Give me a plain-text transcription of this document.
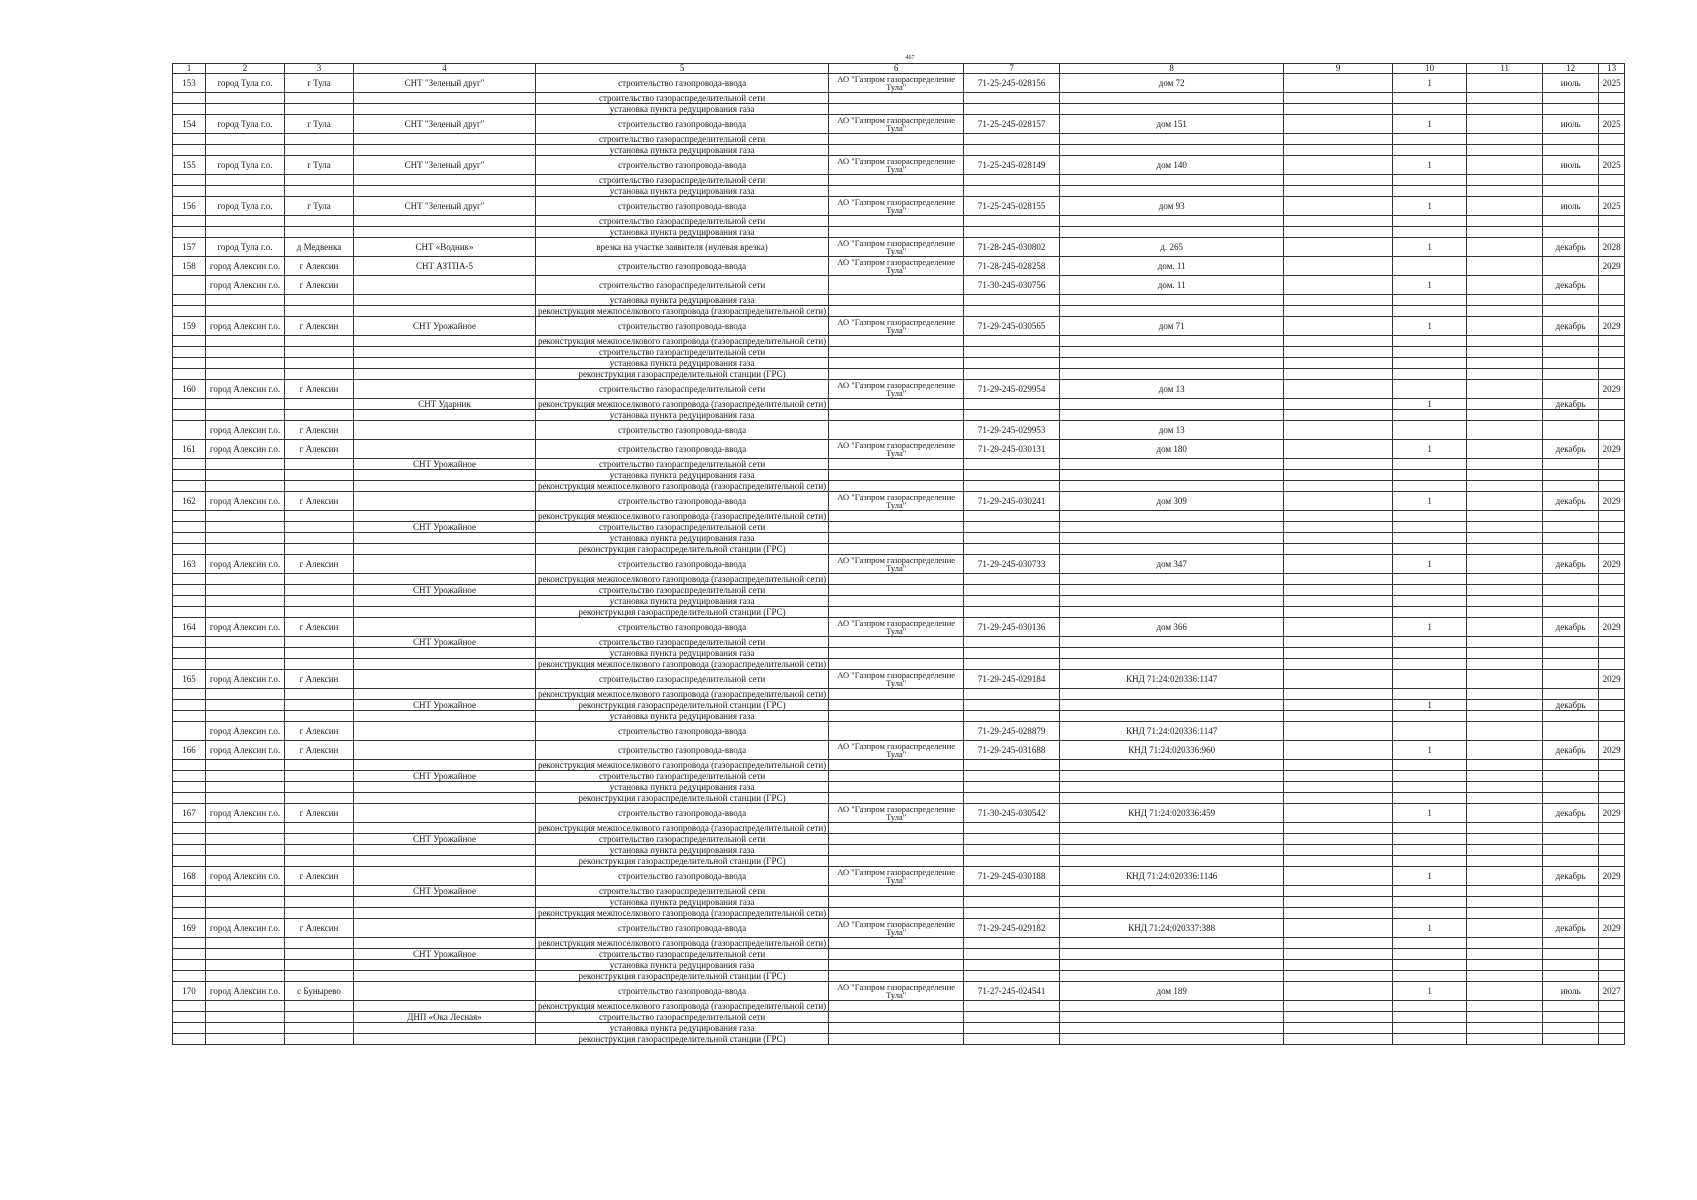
467
1	2	3	4	5	6	7	8	9	10	11	12	13
153	город Тула г.о.	г Тула	СНТ "Зеленый друг"	строительство газопровода-ввода	АО "Газпром газораспределение Тула"	71-25-245-028156	дом 72		1		июль	2025
				строительство газораспределительной сети								
				установка пункта редуцирования газа								
154	город Тула г.о.	г Тула	СНТ "Зеленый друг"	строительство газопровода-ввода	АО "Газпром газораспределение Тула"	71-25-245-028157	дом 151		1		июль	2025
				строительство газораспределительной сети								
				установка пункта редуцирования газа								
155	город Тула г.о.	г Тула	СНТ "Зеленый друг"	строительство газопровода-ввода	АО "Газпром газораспределение Тула"	71-25-245-028149	дом 140		1		июль	2025
				строительство газораспределительной сети								
				установка пункта редуцирования газа								
156	город Тула г.о.	г Тула	СНТ "Зеленый друг"	строительство газопровода-ввода	АО "Газпром газораспределение Тула"	71-25-245-028155	дом 93		1		июль	2025
				строительство газораспределительной сети								
				установка пункта редуцирования газа								
157	город Тула г.о.	д Медвенка	СНТ «Водник»	врезка на участке заявителя (нулевая врезка)	АО "Газпром газораспределение Тула"	71-28-245-030802	д. 265		1		декабрь	2028
158	город Алексин г.о.	г Алексин	СНТ АЗТПА-5	строительство газопровода-ввода	АО "Газпром газораспределение Тула"	71-28-245-028258	дом. 11					2029
	город Алексин г.о.	г Алексин		строительство газораспределительной сети		71-30-245-030756	дом. 11		1		декабрь	
				установка пункта редуцирования газа								
				реконструкция межпоселкового газопровода (газораспределительной сети)								
159	город Алексин г.о.	г Алексин	СНТ Урожайное	строительство газопровода-ввода	АО "Газпром газораспределение Тула"	71-29-245-030565	дом 71		1		декабрь	2029
				реконструкция межпоселкового газопровода (газораспределительной сети)								
				строительство газораспределительной сети								
				установка пункта редуцирования газа								
				реконструкция газораспределительной станции (ГРС)								
160	город Алексин г.о.	г Алексин		строительство газораспределительной сети	АО "Газпром газораспределение Тула"	71-29-245-029954	дом 13					2029
			СНТ Ударник	реконструкция межпоселкового газопровода (газораспределительной сети)					1		декабрь	
				установка пункта редуцирования газа								
	город Алексин г.о.	г Алексин		строительство газопровода-ввода		71-29-245-029953	дом 13					
161	город Алексин г.о.	г Алексин		строительство газопровода-ввода	АО "Газпром газораспределение Тула"	71-29-245-030131	дом 180		1		декабрь	2029
			СНТ Урожайное	строительство газораспределительной сети								
				установка пункта редуцирования газа								
				реконструкция межпоселкового газопровода (газораспределительной сети)								
162	город Алексин г.о.	г Алексин		строительство газопровода-ввода	АО "Газпром газораспределение Тула"	71-29-245-030241	дом 309		1		декабрь	2029
				реконструкция межпоселкового газопровода (газораспределительной сети)								
			СНТ Урожайное	строительство газораспределительной сети								
				установка пункта редуцирования газа								
				реконструкция газораспределительной станции (ГРС)								
163	город Алексин г.о.	г Алексин		строительство газопровода-ввода	АО "Газпром газораспределение Тула"	71-29-245-030733	дом 347		1		декабрь	2029
				реконструкция межпоселкового газопровода (газораспределительной сети)								
			СНТ Урожайное	строительство газораспределительной сети								
				установка пункта редуцирования газа								
				реконструкция газораспределительной станции (ГРС)								
164	город Алексин г.о.	г Алексин		строительство газопровода-ввода	АО "Газпром газораспределение Тула"	71-29-245-030136	дом 366		1		декабрь	2029
			СНТ Урожайное	строительство газораспределительной сети								
				установка пункта редуцирования газа								
				реконструкция межпоселкового газопровода (газораспределительной сети)								
165	город Алексин г.о.	г Алексин		строительство газораспределительной сети	АО "Газпром газораспределение Тула"	71-29-245-029184	КНД 71:24:020336:1147					2029
				реконструкция межпоселкового газопровода (газораспределительной сети)								
			СНТ Урожайное	реконструкция газораспределительной станции (ГРС)					1		декабрь	
				установка пункта редуцирования газа								
	город Алексин г.о.	г Алексин		строительство газопровода-ввода		71-29-245-028879	КНД 71:24:020336:1147					
166	город Алексин г.о.	г Алексин		строительство газопровода-ввода	АО "Газпром газораспределение Тула"	71-29-245-031688	КНД 71:24:020336:960		1		декабрь	2029
				реконструкция межпоселкового газопровода (газораспределительной сети)								
			СНТ Урожайное	строительство газораспределительной сети								
				установка пункта редуцирования газа								
				реконструкция газораспределительной станции (ГРС)								
167	город Алексин г.о.	г Алексин		строительство газопровода-ввода	АО "Газпром газораспределение Тула"	71-30-245-030542	КНД 71:24:020336:459		1		декабрь	2029
				реконструкция межпоселкового газопровода (газораспределительной сети)								
			СНТ Урожайное	строительство газораспределительной сети								
				установка пункта редуцирования газа								
				реконструкция газораспределительной станции (ГРС)								
168	город Алексин г.о.	г Алексин		строительство газопровода-ввода	АО "Газпром газораспределение Тула"	71-29-245-030188	КНД 71:24:020336:1146		1		декабрь	2029
			СНТ Урожайное	строительство газораспределительной сети								
				установка пункта редуцирования газа								
				реконструкция межпоселкового газопровода (газораспределительной сети)								
169	город Алексин г.о.	г Алексин		строительство газопровода-ввода	АО "Газпром газораспределение Тула"	71-29-245-029182	КНД 71:24:020337:388		1		декабрь	2029
				реконструкция межпоселкового газопровода (газораспределительной сети)								
			СНТ Урожайное	строительство газораспределительной сети								
				установка пункта редуцирования газа								
				реконструкция газораспределительной станции (ГРС)								
170	город Алексин г.о.	с Бунырево		строительство газопровода-ввода	АО "Газпром газораспределение Тула"	71-27-245-024541	дом 189		1		июль	2027
				реконструкция межпоселкового газопровода (газораспределительной сети)								
			ДНП «Ока Лесная»	строительство газораспределительной сети								
				установка пункта редуцирования газа								
				реконструкция газораспределительной станции (ГРС)								
